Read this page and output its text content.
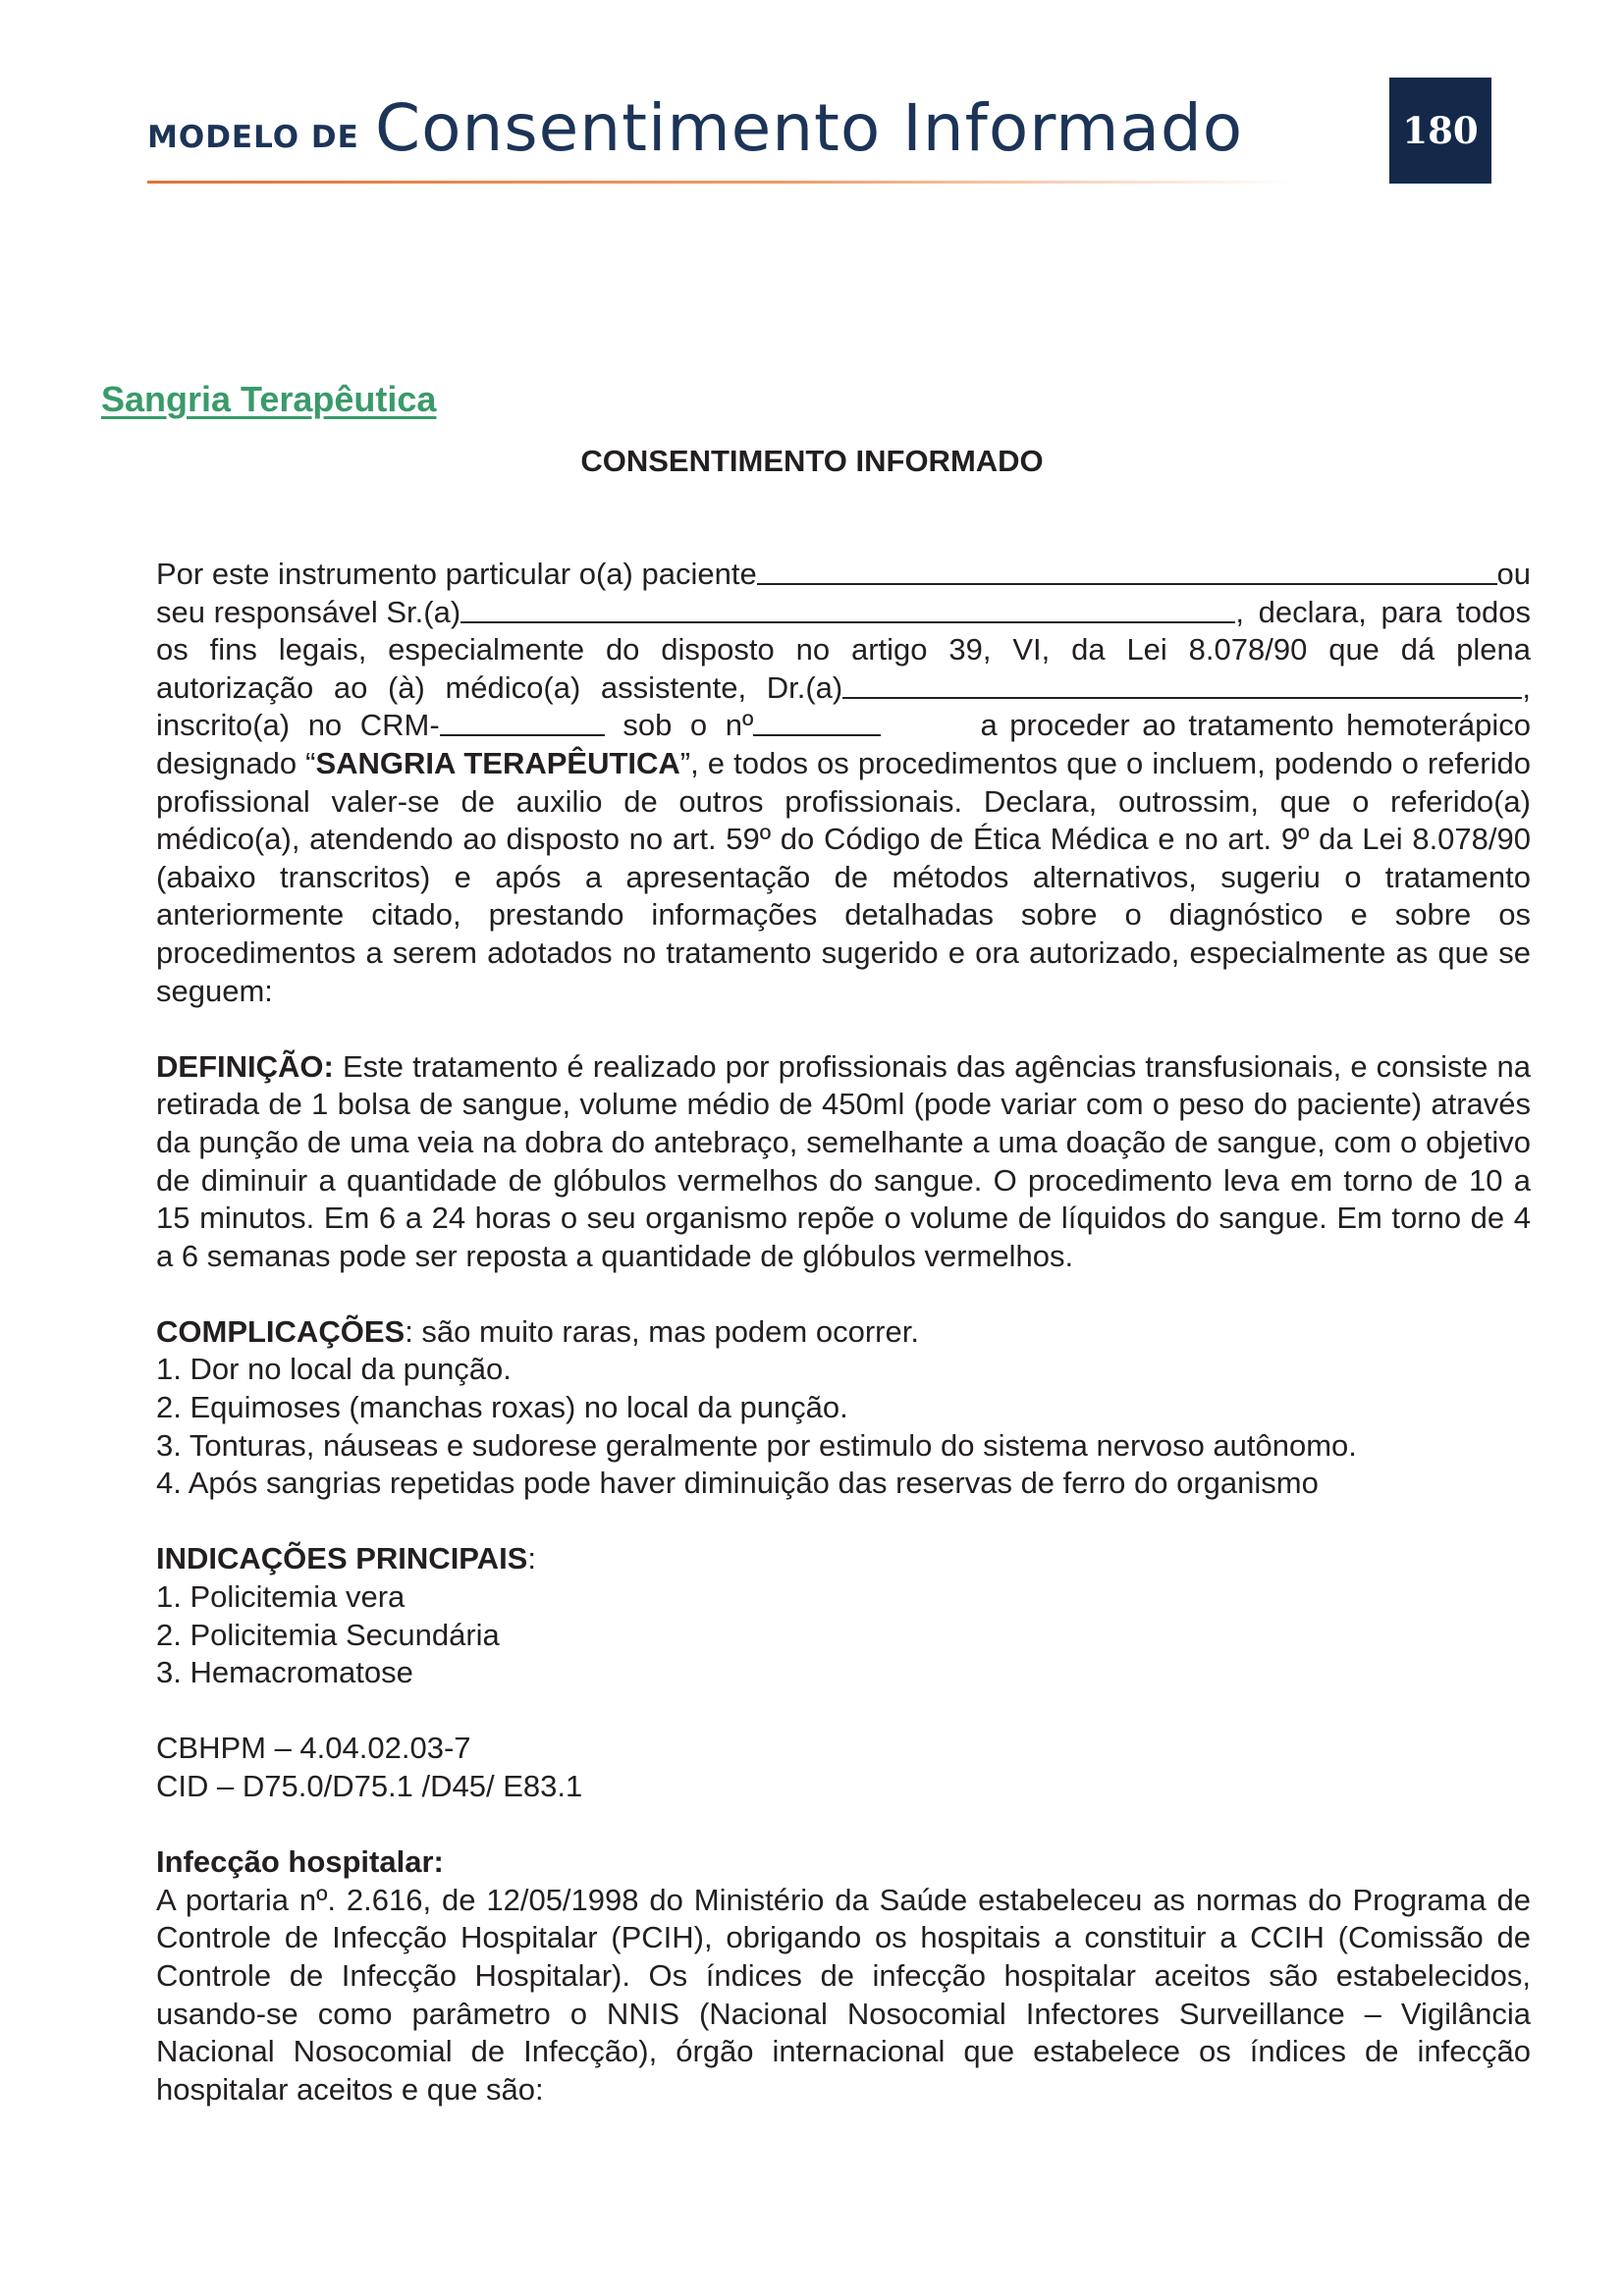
MODELO DE Consentimento Informado	180
Sangria Terapêutica
CONSENTIMENTO INFORMADO
Por este instrumento particular o(a) paciente	ou
seu responsável Sr.(a)	, declara, para todos

os fins legais, especialmente do disposto no artigo 39, VI, da Lei 8.078/90 que dá plena

autorização ao (à) médico(a) assistente, Dr.(a)	,
inscrito(a) no CRM-	sob o nº	a proceder ao tratamento hemoterápico

designado “SANGRIA TERAPÊUTICA”, e todos os procedimentos que o incluem, podendo o referido profissional valer-se de auxilio de outros profissionais. Declara, outrossim, que o referido(a) médico(a), atendendo ao disposto no art. 59º do Código de Ética Médica e no art. 9º da Lei 8.078/90 (abaixo transcritos) e após a apresentação de métodos alternativos, sugeriu o tratamento anteriormente citado, prestando informações detalhadas sobre o diagnóstico e sobre os procedimentos a serem adotados no tratamento sugerido e ora autorizado, especialmente as que se seguem:

DEFINIÇÃO: Este tratamento é realizado por profissionais das agências transfusionais, e consiste na retirada de 1 bolsa de sangue, volume médio de 450ml (pode variar com o peso do paciente) através da punção de uma veia na dobra do antebraço, semelhante a uma doação de sangue, com o objetivo de diminuir a quantidade de glóbulos vermelhos do sangue. O procedimento leva em torno de 10 a 15 minutos. Em 6 a 24 horas o seu organismo repõe o volume de líquidos do sangue. Em torno de 4 a 6 semanas pode ser reposta a quantidade de glóbulos vermelhos.

COMPLICAÇÕES: são muito raras, mas podem ocorrer.

1. Dor no local da punção.

2. Equimoses (manchas roxas) no local da punção.

3. Tonturas, náuseas e sudorese geralmente por estimulo do sistema nervoso autônomo.

4. Após sangrias repetidas pode haver diminuição das reservas de ferro do organismo

INDICAÇÕES PRINCIPAIS:

1. Policitemia vera

2. Policitemia Secundária

3. Hemacromatose

CBHPM – 4.04.02.03-7

CID – D75.0/D75.1 /D45/ E83.1

Infecção hospitalar:

A portaria nº. 2.616, de 12/05/1998 do Ministério da Saúde estabeleceu as normas do Programa de Controle de Infecção Hospitalar (PCIH), obrigando os hospitais a constituir a CCIH (Comissão de Controle de Infecção Hospitalar). Os índices de infecção hospitalar aceitos são estabelecidos, usando-se como parâmetro o NNIS (Nacional Nosocomial Infectores Surveillance – Vigilância Nacional Nosocomial de Infecção), órgão internacional que estabelece os índices de infecção hospitalar aceitos e que são:
